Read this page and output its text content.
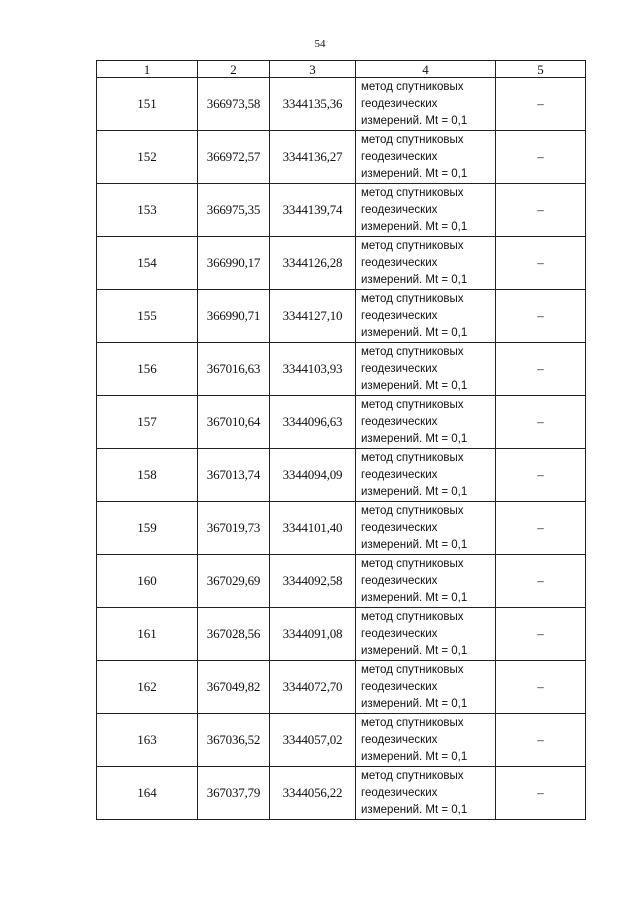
54
1	2	3	4	5
151	366973,58	3344135,36	метод спутниковых
геодезических
измерений. Mt = 0,1	–
152	366972,57	3344136,27	метод спутниковых
геодезических
измерений. Mt = 0,1	–
153	366975,35	3344139,74	метод спутниковых
геодезических
измерений. Mt = 0,1	–
154	366990,17	3344126,28	метод спутниковых
геодезических
измерений. Mt = 0,1	–
155	366990,71	3344127,10	метод спутниковых
геодезических
измерений. Mt = 0,1	–
156	367016,63	3344103,93	метод спутниковых
геодезических
измерений. Mt = 0,1	–
157	367010,64	3344096,63	метод спутниковых
геодезических
измерений. Mt = 0,1	–
158	367013,74	3344094,09	метод спутниковых
геодезических
измерений. Mt = 0,1	–
159	367019,73	3344101,40	метод спутниковых
геодезических
измерений. Mt = 0,1	–
160	367029,69	3344092,58	метод спутниковых
геодезических
измерений. Mt = 0,1	–
161	367028,56	3344091,08	метод спутниковых
геодезических
измерений. Mt = 0,1	–
162	367049,82	3344072,70	метод спутниковых
геодезических
измерений. Mt = 0,1	–
163	367036,52	3344057,02	метод спутниковых
геодезических
измерений. Mt = 0,1	–
164	367037,79	3344056,22	метод спутниковых
геодезических
измерений. Mt = 0,1	–
